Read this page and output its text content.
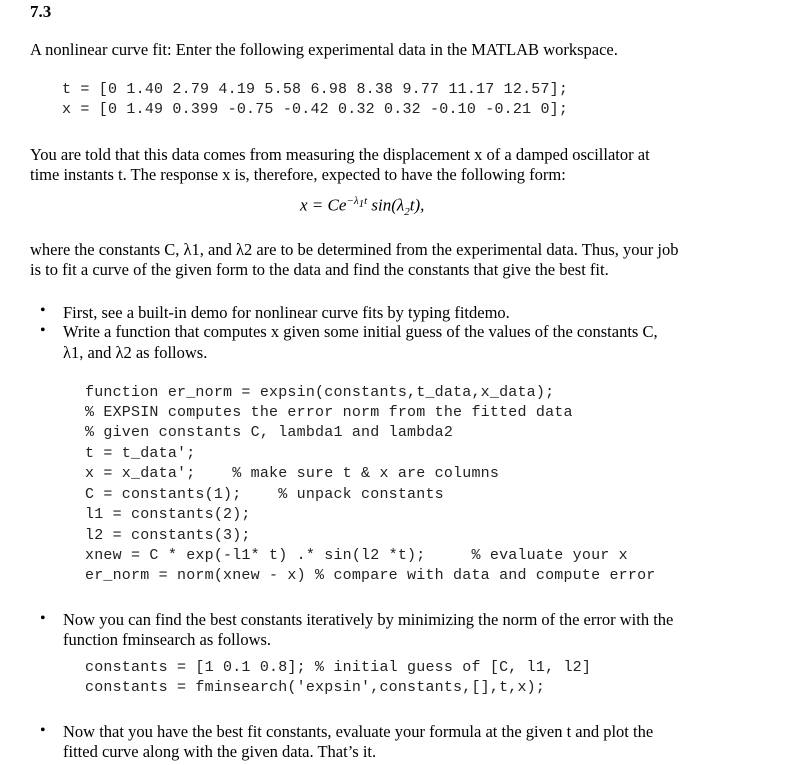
7.3
A nonlinear curve fit: Enter the following experimental data in the MATLAB workspace.
t = [0 1.40 2.79 4.19 5.58 6.98 8.38 9.77 11.17 12.57];
x = [0 1.49 0.399 -0.75 -0.42 0.32 0.32 -0.10 -0.21 0];
You are told that this data comes from measuring the displacement x of a damped oscillator at
time instants t. The response x is, therefore, expected to have the following form:
$x = Ce^{-\lambda_1t}$ $\sin(\lambda_2t)$,
where the constants C, λ1, and λ2 are to be determined from the experimental data. Thus, your job
is to fit a curve of the given form to the data and find the constants that give the best fit.
• First, see a built-in demo for nonlinear curve fits by typing fitdemo.
• Write a function that computes x given some initial guess of the values of the constants C,
λ1, and λ2 as follows.
function er_norm = expsin(constants,t_data,x_data);
% EXPSIN computes the error norm from the fitted data
% given constants C, lambda1 and lambda2
t = t_data';
x = x_data';    % make sure t & x are columns
C = constants(1);    % unpack constants
l1 = constants(2);
l2 = constants(3);
xnew = C * exp(-l1* t) .* sin(l2 *t);     % evaluate your x
er_norm = norm(xnew - x) % compare with data and compute error
• Now you can find the best constants iteratively by minimizing the norm of the error with the
function fminsearch as follows.
constants = [1 0.1 0.8]; % initial guess of [C, l1, l2]
constants = fminsearch('expsin',constants,[],t,x);
• Now that you have the best fit constants, evaluate your formula at the given t and plot the
fitted curve along with the given data. That’s it.
